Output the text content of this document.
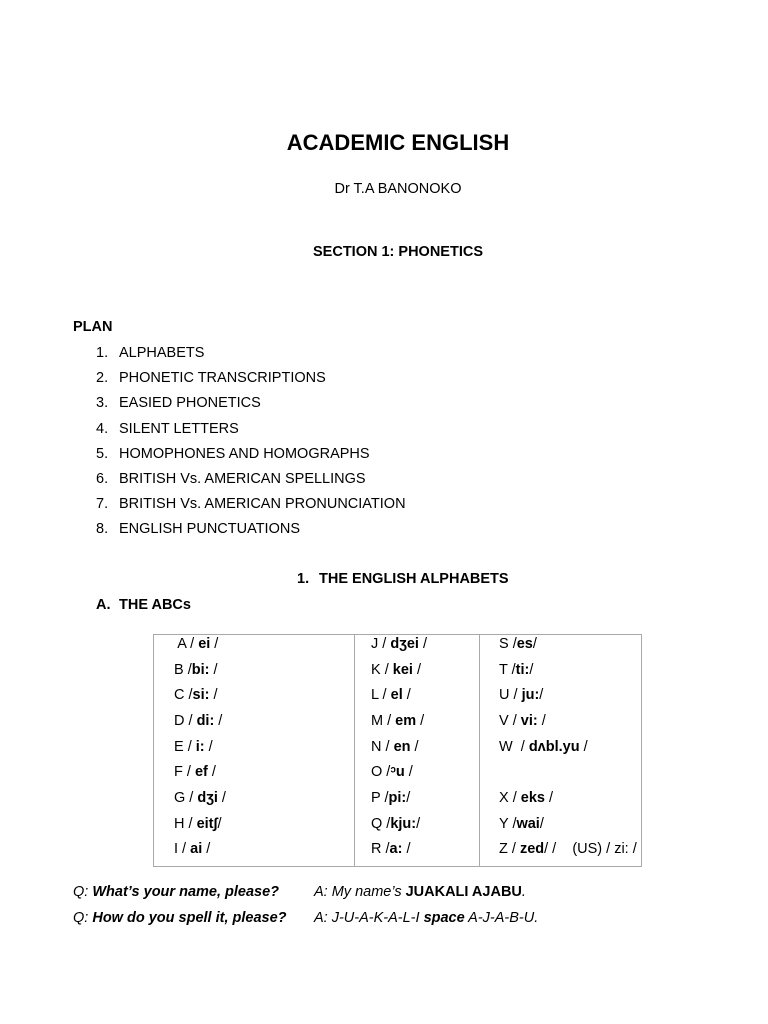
ACADEMIC ENGLISH
Dr T.A BANONOKO
SECTION 1: PHONETICS
PLAN
1. ALPHABETS
2. PHONETIC TRANSCRIPTIONS
3. EASIED PHONETICS
4. SILENT LETTERS
5. HOMOPHONES AND HOMOGRAPHS
6. BRITISH Vs. AMERICAN SPELLINGS
7. BRITISH Vs. AMERICAN PRONUNCIATION
8. ENGLISH PUNCTUATIONS
1. THE ENGLISH ALPHABETS
A. THE ABCs
A / ei /	J / dʒei /	S /es/
B /bi: /	K / kei /	T /ti:/
C /si: /	L / el /	U / ju:/
D / di: /	M / em /	V / vi: /
E / i: /	N / en /	W  / dᴧbl.yu /
F / ef /	O /ᵓu /	
G / dʒi /	P /pi:/	X / eks /
H / eit∫/	Q /kju:/	Y /wai/
I / ai /	R /a: /	Z / zed/ /    (US) / zi: /
Q: What’s your name, please? A: My name’s JUAKALI AJABU.
Q: How do you spell it, please? A: J-U-A-K-A-L-I space A-J-A-B-U.
